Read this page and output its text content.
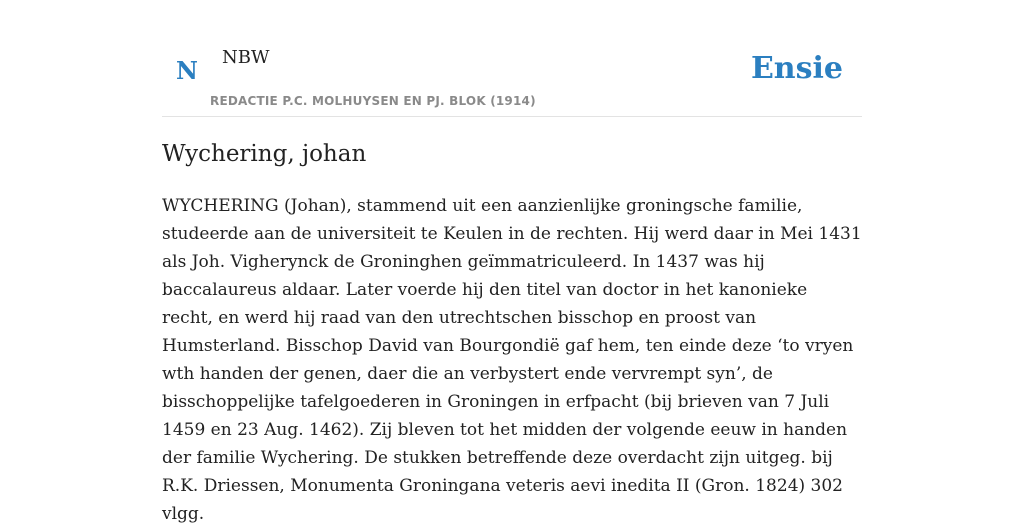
N NBW
REDACTIE P.C. MOLHUYSEN EN PJ. BLOK (1914)
Ensie
Wychering, johan

WYCHERING (Johan), stammend uit een aanzienlijke groningsche familie, studeerde aan de universiteit te Keulen in de rechten. Hij werd daar in Mei 1431 als Joh. Vigherynck de Groninghen geïmmatriculeerd. In 1437 was hij baccalaureus aldaar. Later voerde hij den titel van doctor in het kanonieke recht, en werd hij raad van den utrechtschen bisschop en proost van Humsterland. Bisschop David van Bourgondië gaf hem, ten einde deze ‘to vryen wth handen der genen, daer die an verbystert ende vervrempt syn’, de bisschoppelijke tafelgoederen in Groningen in erfpacht (bij brieven van 7 Juli 1459 en 23 Aug. 1462). Zij bleven tot het midden der volgende eeuw in handen der familie Wychering. De stukken betreffende deze overdacht zijn uitgeg. bij R.K. Driessen, Monumenta Groningana veteris aevi inedita II (Gron. 1824) 302 vlgg.
